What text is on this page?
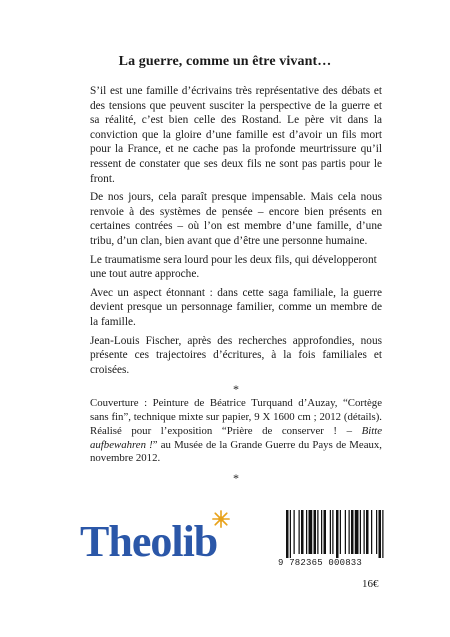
La guerre, comme un être vivant…

S’il est une famille d’écrivains très représentative des débats et des tensions que peuvent susciter la perspective de la guerre et sa réalité, c’est bien celle des Rostand. Le père vit dans la conviction que la gloire d’une famille est d’avoir un fils mort pour la France, et ne cache pas la profonde meurtrissure qu’il ressent de constater que ses deux fils ne sont pas partis pour le front.

De nos jours, cela paraît presque impensable. Mais cela nous renvoie à des systèmes de pensée – encore bien présents en certaines contrées – où l’on est membre d’une famille, d’une tribu, d’un clan, bien avant que d’être une personne humaine.

Le traumatisme sera lourd pour les deux fils, qui développeront une tout autre approche.

Avec un aspect étonnant : dans cette saga familiale, la guerre devient presque un personnage familier, comme un membre de la famille.

Jean-Louis Fischer, après des recherches approfondies, nous présente ces trajectoires d’écritures, à la fois familiales et croisées.

*

Couverture : Peinture de Béatrice Turquand d’Auzay, “Cortège sans fin”, technique mixte sur papier, 9 X 1600 cm ; 2012 (détails). Réalisé pour l’exposition “Prière de conserver ! – Bitte aufbewahren !” au Musée de la Grande Guerre du Pays de Meaux, novembre 2012.

*
Theolib	9 782365 000833
16€
